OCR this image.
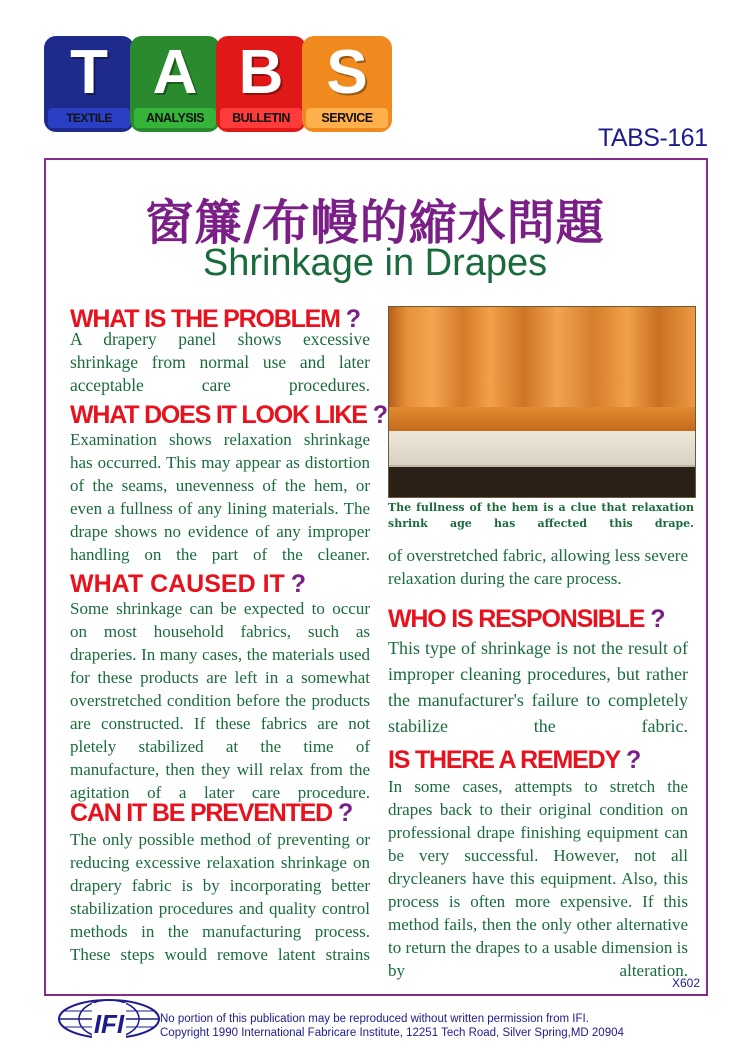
T
TEXTILE
A
ANALYSIS
B
BULLETIN
S
SERVICE
TABS-161
窗簾/布幔的縮水問題
Shrinkage in Drapes
WHAT IS THE PROBLEM ?
A drapery panel shows excessive shrinkage from normal use and later acceptable care procedures.
WHAT DOES IT LOOK LIKE ?
Examination shows relaxation shrinkage has occurred. This may appear as distortion of the seams, unevenness of the hem, or even a fullness of any lining materials. The drape shows no evidence of any improper handling on the part of the cleaner.
WHAT CAUSED IT ?
Some shrinkage can be expected to occur on most household fabrics, such as draperies. In many cases, the materials used for these products are left in a somewhat overstretched condition before the products are constructed. If these fabrics are not pletely stabilized at the time of manufacture, then they will relax from the agitation of a later care procedure.
CAN IT BE PREVENTED ?
The only possible method of preventing or reducing excessive relaxation shrinkage on drapery fabric is by incorporating better stabilization procedures and quality control methods in the manufacturing process. These steps would remove latent strains
The fullness of the hem is a clue that relaxation shrink age has affected this drape.
of overstretched fabric, allowing less severe relaxation during the care process.
WHO IS RESPONSIBLE ?
This type of shrinkage is not the result of improper cleaning procedures, but rather the manufacturer's failure to completely stabilize the fabric.
IS THERE A REMEDY ?
In some cases, attempts to stretch the drapes back to their original condition on professional drape finishing equipment can be very successful. However, not all drycleaners have this equipment. Also, this process is often more expensive. If this method fails, then the only other alternative to return the drapes to a usable dimension is by alteration.
X602
IFI	No portion of this publication may be reproduced without written permission from IFI.
Copyright 1990 International Fabricare Institute, 12251 Tech Road, Silver Spring,MD 20904
